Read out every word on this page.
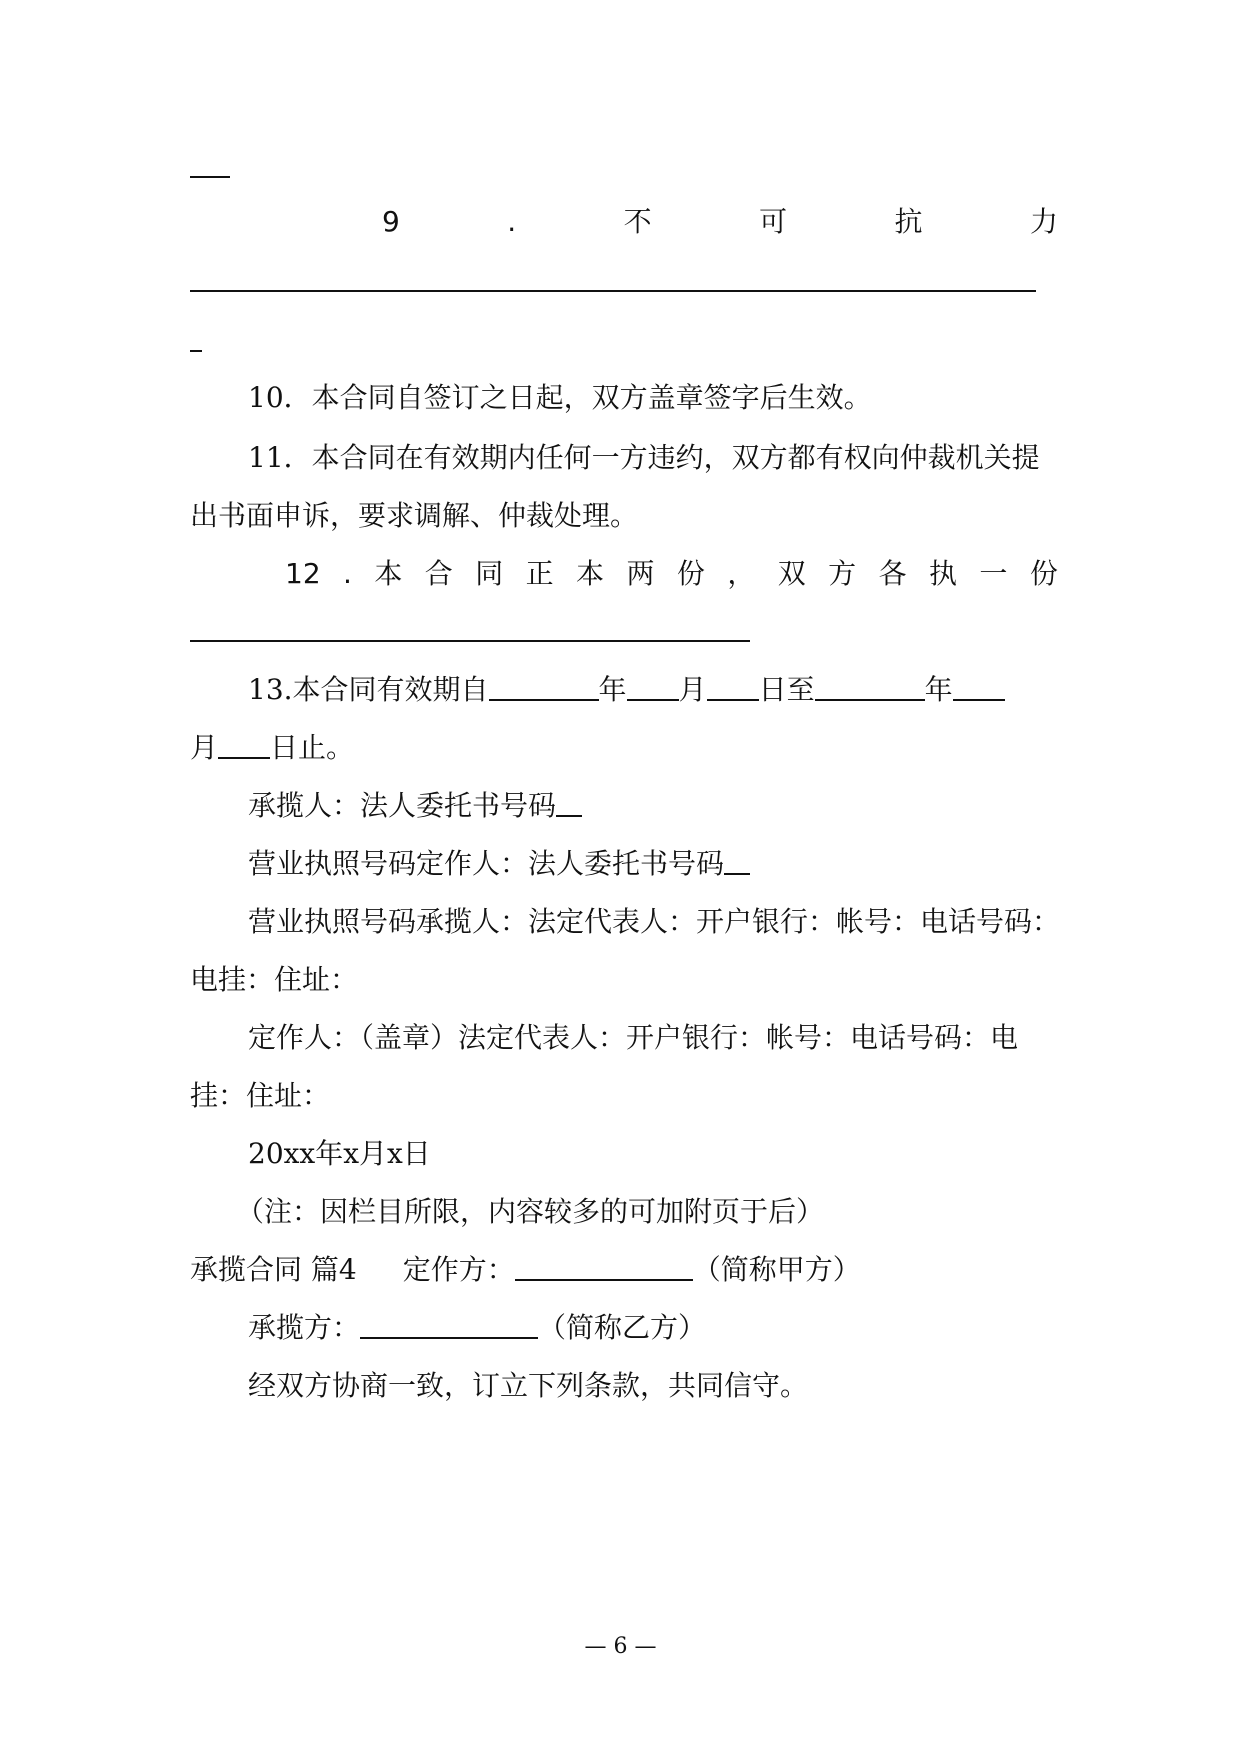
9	.	不	可	抗	力
10．本合同自签订之日起，双方盖章签字后生效。
11．本合同在有效期内任何一方违约，双方都有权向仲裁机关提
出书面申诉，要求调解、仲裁处理。
12 . 本 合 同 正 本 两 份 ， 双 方 各 执 一 份
13.本合同有效期自	年 月 日至	年
月 日止。
承揽人：法人委托书号码
营业执照号码定作人：法人委托书号码
营业执照号码承揽人：法定代表人：开户银行：帐号：电话号码：
电挂：住址：
定作人：（盖章）法定代表人：开户银行：帐号：电话号码：电
挂：住址：
20xx年x月x日
（注：因栏目所限，内容较多的可加附页于后）
承揽合同 篇4 定作方：	（简称甲方）
承揽方：	（简称乙方）
经双方协商一致，订立下列条款，共同信守。
— 6 —
